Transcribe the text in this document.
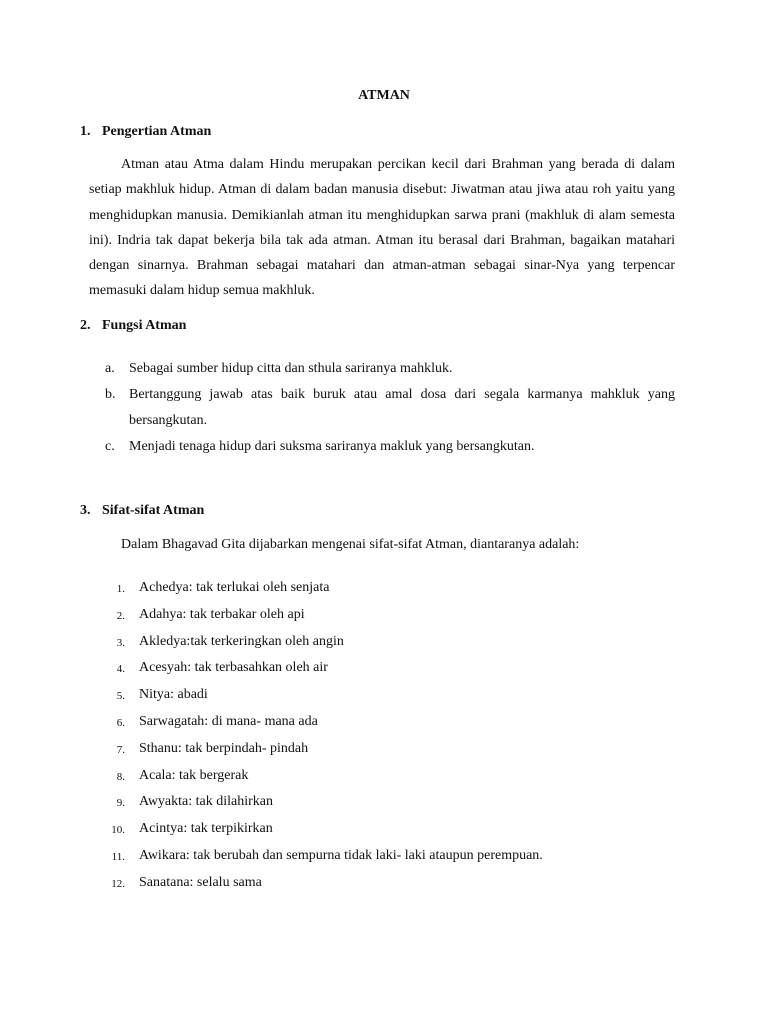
ATMAN
1. Pengertian Atman
Atman atau Atma dalam Hindu merupakan percikan kecil dari Brahman yang berada di dalam setiap makhluk hidup. Atman di dalam badan manusia disebut: Jiwatman atau jiwa atau roh yaitu yang menghidupkan manusia. Demikianlah atman itu menghidupkan sarwa prani (makhluk di alam semesta ini). Indria tak dapat bekerja bila tak ada atman. Atman itu berasal dari Brahman, bagaikan matahari dengan sinarnya. Brahman sebagai matahari dan atman-atman sebagai sinar-Nya yang terpencar memasuki dalam hidup semua makhluk.
2. Fungsi Atman
a. Sebagai sumber hidup citta dan sthula sariranya mahkluk.
b. Bertanggung jawab atas baik buruk atau amal dosa dari segala karmanya mahkluk yang bersangkutan.
c. Menjadi tenaga hidup dari suksma sariranya makluk yang bersangkutan.
3. Sifat-sifat Atman
Dalam Bhagavad Gita dijabarkan mengenai sifat-sifat Atman, diantaranya adalah:
1. Achedya: tak terlukai oleh senjata
2. Adahya: tak terbakar oleh api
3. Akledya:tak terkeringkan oleh angin
4. Acesyah: tak terbasahkan oleh air
5. Nitya: abadi
6. Sarwagatah: di mana- mana ada
7. Sthanu: tak berpindah- pindah
8. Acala: tak bergerak
9. Awyakta: tak dilahirkan
10. Acintya: tak terpikirkan
11. Awikara: tak berubah dan sempurna tidak laki- laki ataupun perempuan.
12. Sanatana: selalu sama
